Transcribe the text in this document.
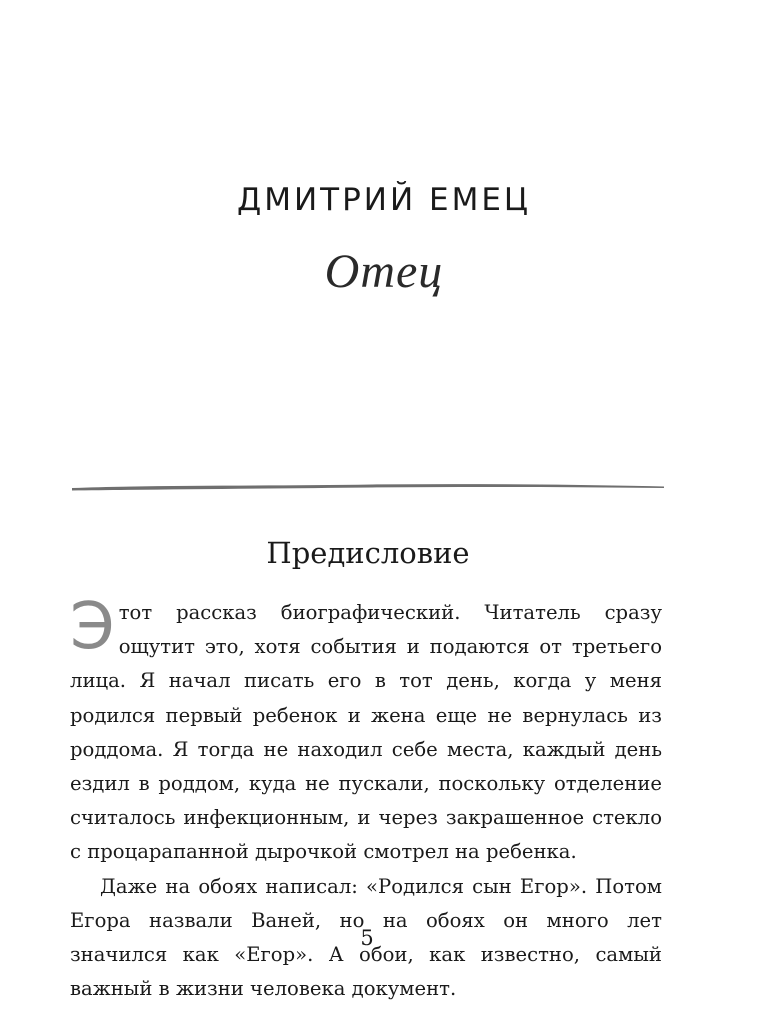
ДМИТРИЙ ЕМЕЦ
Отец
Предисловие

Этот рассказ биографический. Читатель сразу ощутит это, хотя события и подаются от третьего лица. Я начал писать его в тот день, когда у меня родился первый ребенок и жена еще не вернулась из роддома. Я тогда не находил себе места, каждый день ездил в роддом, куда не пускали, поскольку отделение считалось инфекционным, и через закрашенное стекло с процарапанной дырочкой смотрел на ребенка.

Даже на обоях написал: «Родился сын Егор». Потом Егора назвали Ваней, но на обоях он много лет значился как «Егор». А обои, как известно, самый важный в жизни человека документ.

5
